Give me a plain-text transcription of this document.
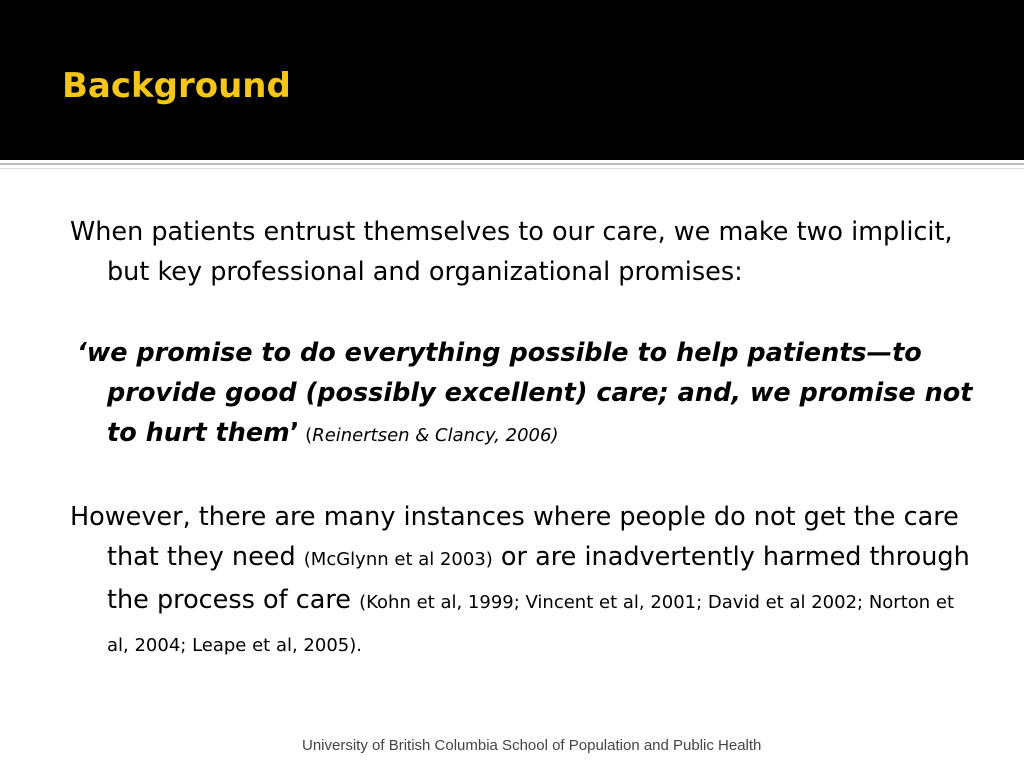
Background

When patients entrust themselves to our care, we make two implicit, but key professional and organizational promises:

‘we promise to do everything possible to help patients—to provide good (possibly excellent) care; and, we promise not to hurt them’ (Reinertsen & Clancy, 2006)

However, there are many instances where people do not get the care that they need (McGlynn et al 2003) or are inadvertently harmed through the process of care (Kohn et al, 1999; Vincent et al, 2001; David et al 2002; Norton et al, 2004; Leape et al, 2005).

University of British Columbia School of Population and Public Health
